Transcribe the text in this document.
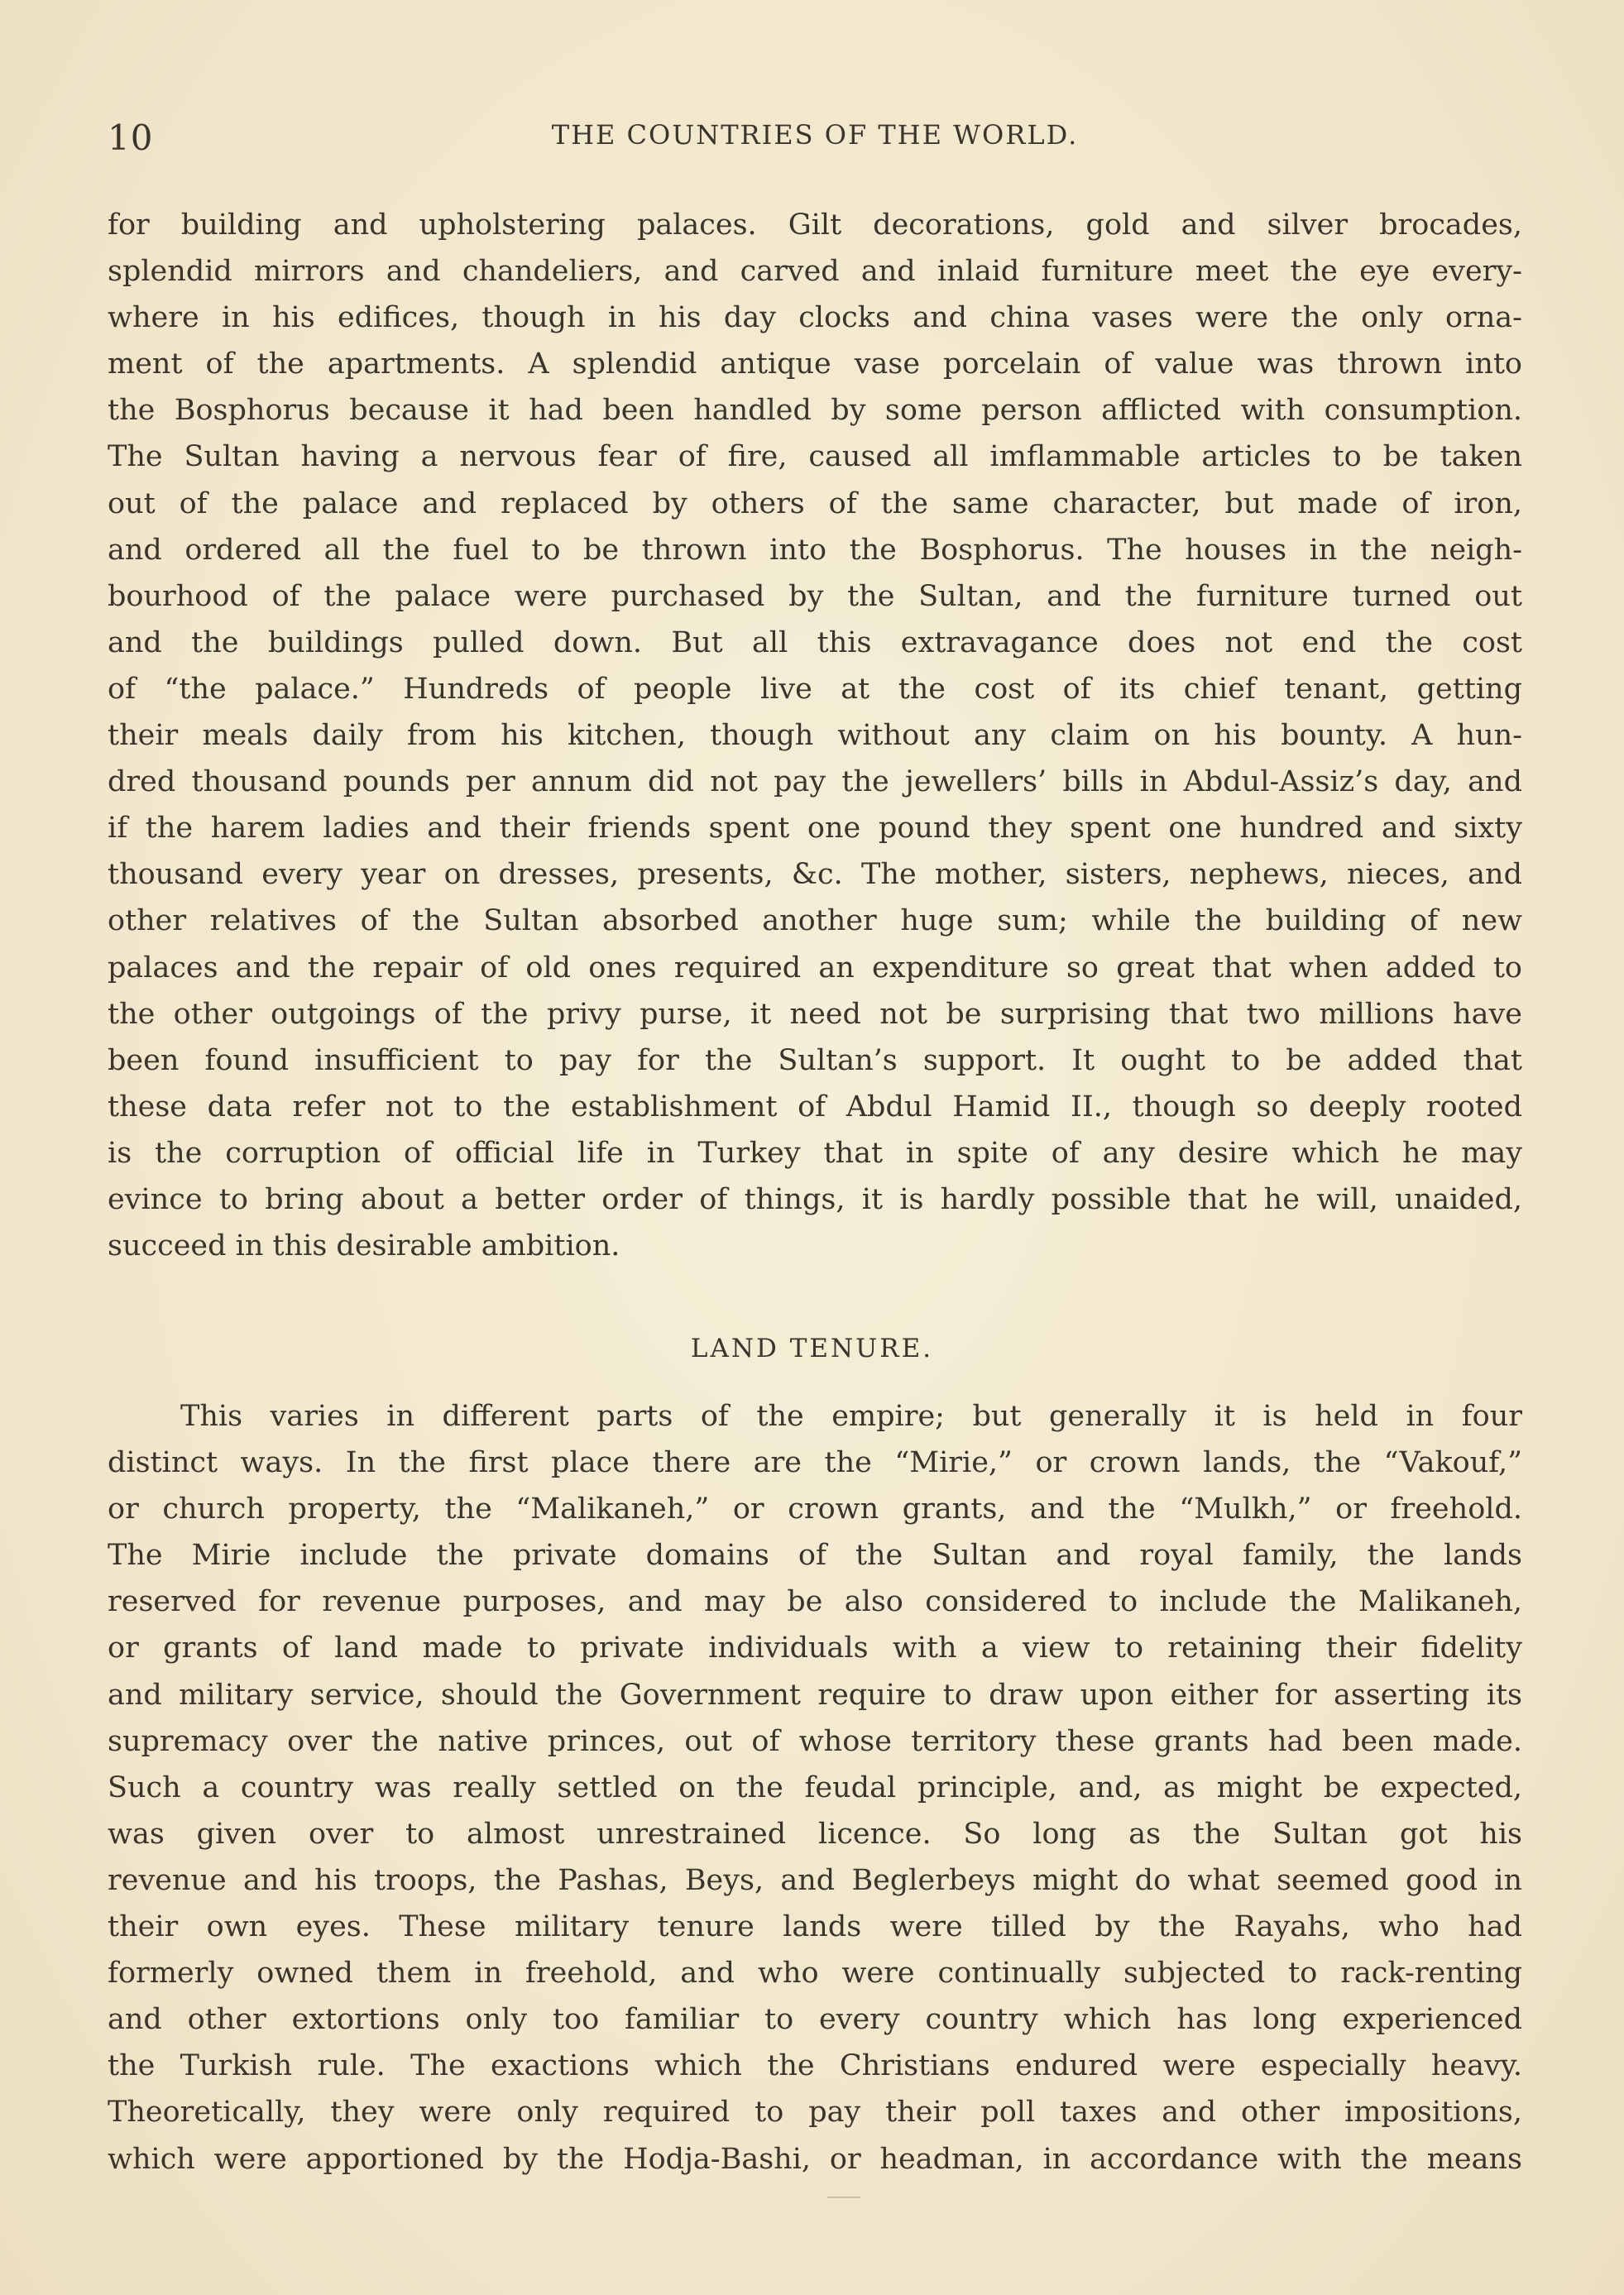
10	THE COUNTRIES OF THE WORLD.
for building and upholstering palaces. Gilt decorations, gold and silver brocades,
splendid mirrors and chandeliers, and carved and inlaid furniture meet the eye every-
where in his edifices, though in his day clocks and china vases were the only orna-
ment of the apartments. A splendid antique vase porcelain of value was thrown into
the Bosphorus because it had been handled by some person afflicted with consumption.
The Sultan having a nervous fear of fire, caused all imflammable articles to be taken
out of the palace and replaced by others of the same character, but made of iron,
and ordered all the fuel to be thrown into the Bosphorus. The houses in the neigh-
bourhood of the palace were purchased by the Sultan, and the furniture turned out
and the buildings pulled down. But all this extravagance does not end the cost
of “the palace.” Hundreds of people live at the cost of its chief tenant, getting
their meals daily from his kitchen, though without any claim on his bounty. A hun-
dred thousand pounds per annum did not pay the jewellers’ bills in Abdul-Assiz’s day, and
if the harem ladies and their friends spent one pound they spent one hundred and sixty
thousand every year on dresses, presents, &c. The mother, sisters, nephews, nieces, and
other relatives of the Sultan absorbed another huge sum; while the building of new
palaces and the repair of old ones required an expenditure so great that when added to
the other outgoings of the privy purse, it need not be surprising that two millions have
been found insufficient to pay for the Sultan’s support. It ought to be added that
these data refer not to the establishment of Abdul Hamid II., though so deeply rooted
is the corruption of official life in Turkey that in spite of any desire which he may
evince to bring about a better order of things, it is hardly possible that he will, unaided,
succeed in this desirable ambition.
LAND TENURE.
This varies in different parts of the empire; but generally it is held in four
distinct ways. In the first place there are the “Mirie,” or crown lands, the “Vakouf,”
or church property, the “Malikaneh,” or crown grants, and the “Mulkh,” or freehold.
The Mirie include the private domains of the Sultan and royal family, the lands
reserved for revenue purposes, and may be also considered to include the Malikaneh,
or grants of land made to private individuals with a view to retaining their fidelity
and military service, should the Government require to draw upon either for asserting its
supremacy over the native princes, out of whose territory these grants had been made.
Such a country was really settled on the feudal principle, and, as might be expected,
was given over to almost unrestrained licence. So long as the Sultan got his
revenue and his troops, the Pashas, Beys, and Beglerbeys might do what seemed good in
their own eyes. These military tenure lands were tilled by the Rayahs, who had
formerly owned them in freehold, and who were continually subjected to rack-renting
and other extortions only too familiar to every country which has long experienced
the Turkish rule. The exactions which the Christians endured were especially heavy.
Theoretically, they were only required to pay their poll taxes and other impositions,
which were apportioned by the Hodja-Bashi, or headman, in accordance with the means
